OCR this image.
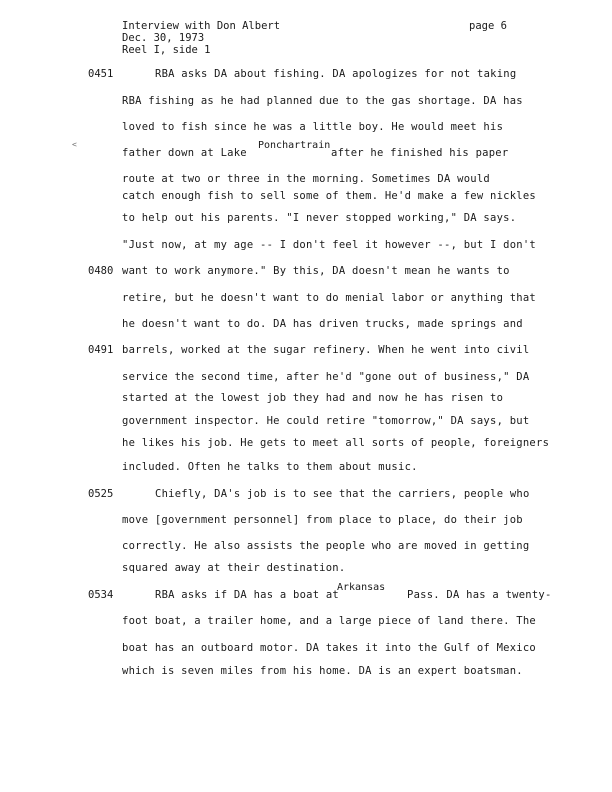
Interview with Don Albert
Dec. 30, 1973
Reel I, side 1
page 6
<
0451
0480
0491
0525
0534
RBA asks DA about fishing. DA apologizes for not taking
RBA fishing as he had planned due to the gas shortage. DA has
loved to fish since he was a little boy. He would meet his
father down at Lake
Ponchartrain
after he finished his paper
route at two or three in the morning. Sometimes DA would
catch enough fish to sell some of them. He'd make a few nickles
to help out his parents. "I never stopped working," DA says.
"Just now, at my age -- I don't feel it however --, but I don't
want to work anymore." By this, DA doesn't mean he wants to
retire, but he doesn't want to do menial labor or anything that
he doesn't want to do. DA has driven trucks, made springs and
barrels, worked at the sugar refinery. When he went into civil
service the second time, after he'd "gone out of business," DA
started at the lowest job they had and now he has risen to
government inspector. He could retire "tomorrow," DA says, but
he likes his job. He gets to meet all sorts of people, foreigners
included. Often he talks to them about music.
Chiefly, DA's job is to see that the carriers, people who
move [government personnel] from place to place, do their job
correctly. He also assists the people who are moved in getting
squared away at their destination.
RBA asks if DA has a boat at
Arkansas
Pass. DA has a twenty-
foot boat, a trailer home, and a large piece of land there. The
boat has an outboard motor. DA takes it into the Gulf of Mexico
which is seven miles from his home. DA is an expert boatsman.
